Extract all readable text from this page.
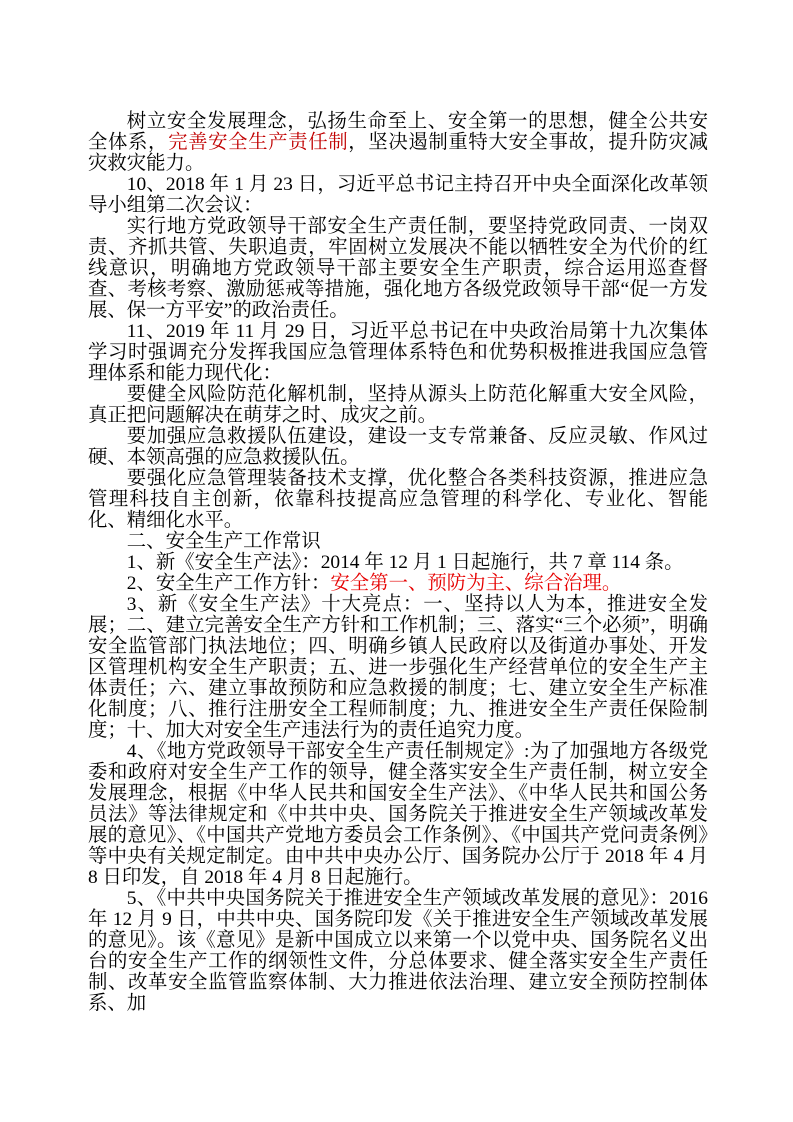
树立安全发展理念，弘扬生命至上、安全第一的思想，健全公共安全体系，完善安全生产责任制，坚决遏制重特大安全事故，提升防灾减灾救灾能力。

10、2018 年 1 月 23 日，习近平总书记主持召开中央全面深化改革领导小组第二次会议：

实行地方党政领导干部安全生产责任制，要坚持党政同责、一岗双责、齐抓共管、失职追责，牢固树立发展决不能以牺牲安全为代价的红线意识，明确地方党政领导干部主要安全生产职责，综合运用巡查督查、考核考察、激励惩戒等措施，强化地方各级党政领导干部“促一方发展、保一方平安”的政治责任。

11、2019 年 11 月 29 日，习近平总书记在中央政治局第十九次集体学习时强调充分发挥我国应急管理体系特色和优势积极推进我国应急管理体系和能力现代化：

要健全风险防范化解机制，坚持从源头上防范化解重大安全风险，真正把问题解决在萌芽之时、成灾之前。

要加强应急救援队伍建设，建设一支专常兼备、反应灵敏、作风过硬、本领高强的应急救援队伍。

要强化应急管理装备技术支撑，优化整合各类科技资源，推进应急管理科技自主创新，依靠科技提高应急管理的科学化、专业化、智能化、精细化水平。

二、安全生产工作常识

1、新《安全生产法》：2014 年 12 月 1 日起施行，共 7 章 114 条。

2、安全生产工作方针：安全第一、预防为主、综合治理。

3、新《安全生产法》十大亮点：一、坚持以人为本，推进安全发展；二、建立完善安全生产方针和工作机制；三、落实“三个必须”，明确安全监管部门执法地位；四、明确乡镇人民政府以及街道办事处、开发区管理机构安全生产职责；五、进一步强化生产经营单位的安全生产主体责任；六、建立事故预防和应急救援的制度；七、建立安全生产标准化制度；八、推行注册安全工程师制度；九、推进安全生产责任保险制度；十、加大对安全生产违法行为的责任追究力度。

4、《地方党政领导干部安全生产责任制规定》:为了加强地方各级党委和政府对安全生产工作的领导，健全落实安全生产责任制，树立安全发展理念，根据《中华人民共和国安全生产法》、《中华人民共和国公务员法》等法律规定和《中共中央、国务院关于推进安全生产领域改革发展的意见》、《中国共产党地方委员会工作条例》、《中国共产党问责条例》等中央有关规定制定。由中共中央办公厅、国务院办公厅于 2018 年 4 月 8 日印发，自 2018 年 4 月 8 日起施行。

5、《中共中央国务院关于推进安全生产领域改革发展的意见》：2016 年 12 月 9 日，中共中央、国务院印发《关于推进安全生产领域改革发展的意见》。该《意见》是新中国成立以来第一个以党中央、国务院名义出台的安全生产工作的纲领性文件，分总体要求、健全落实安全生产责任制、改革安全监管监察体制、大力推进依法治理、建立安全预防控制体系、加
